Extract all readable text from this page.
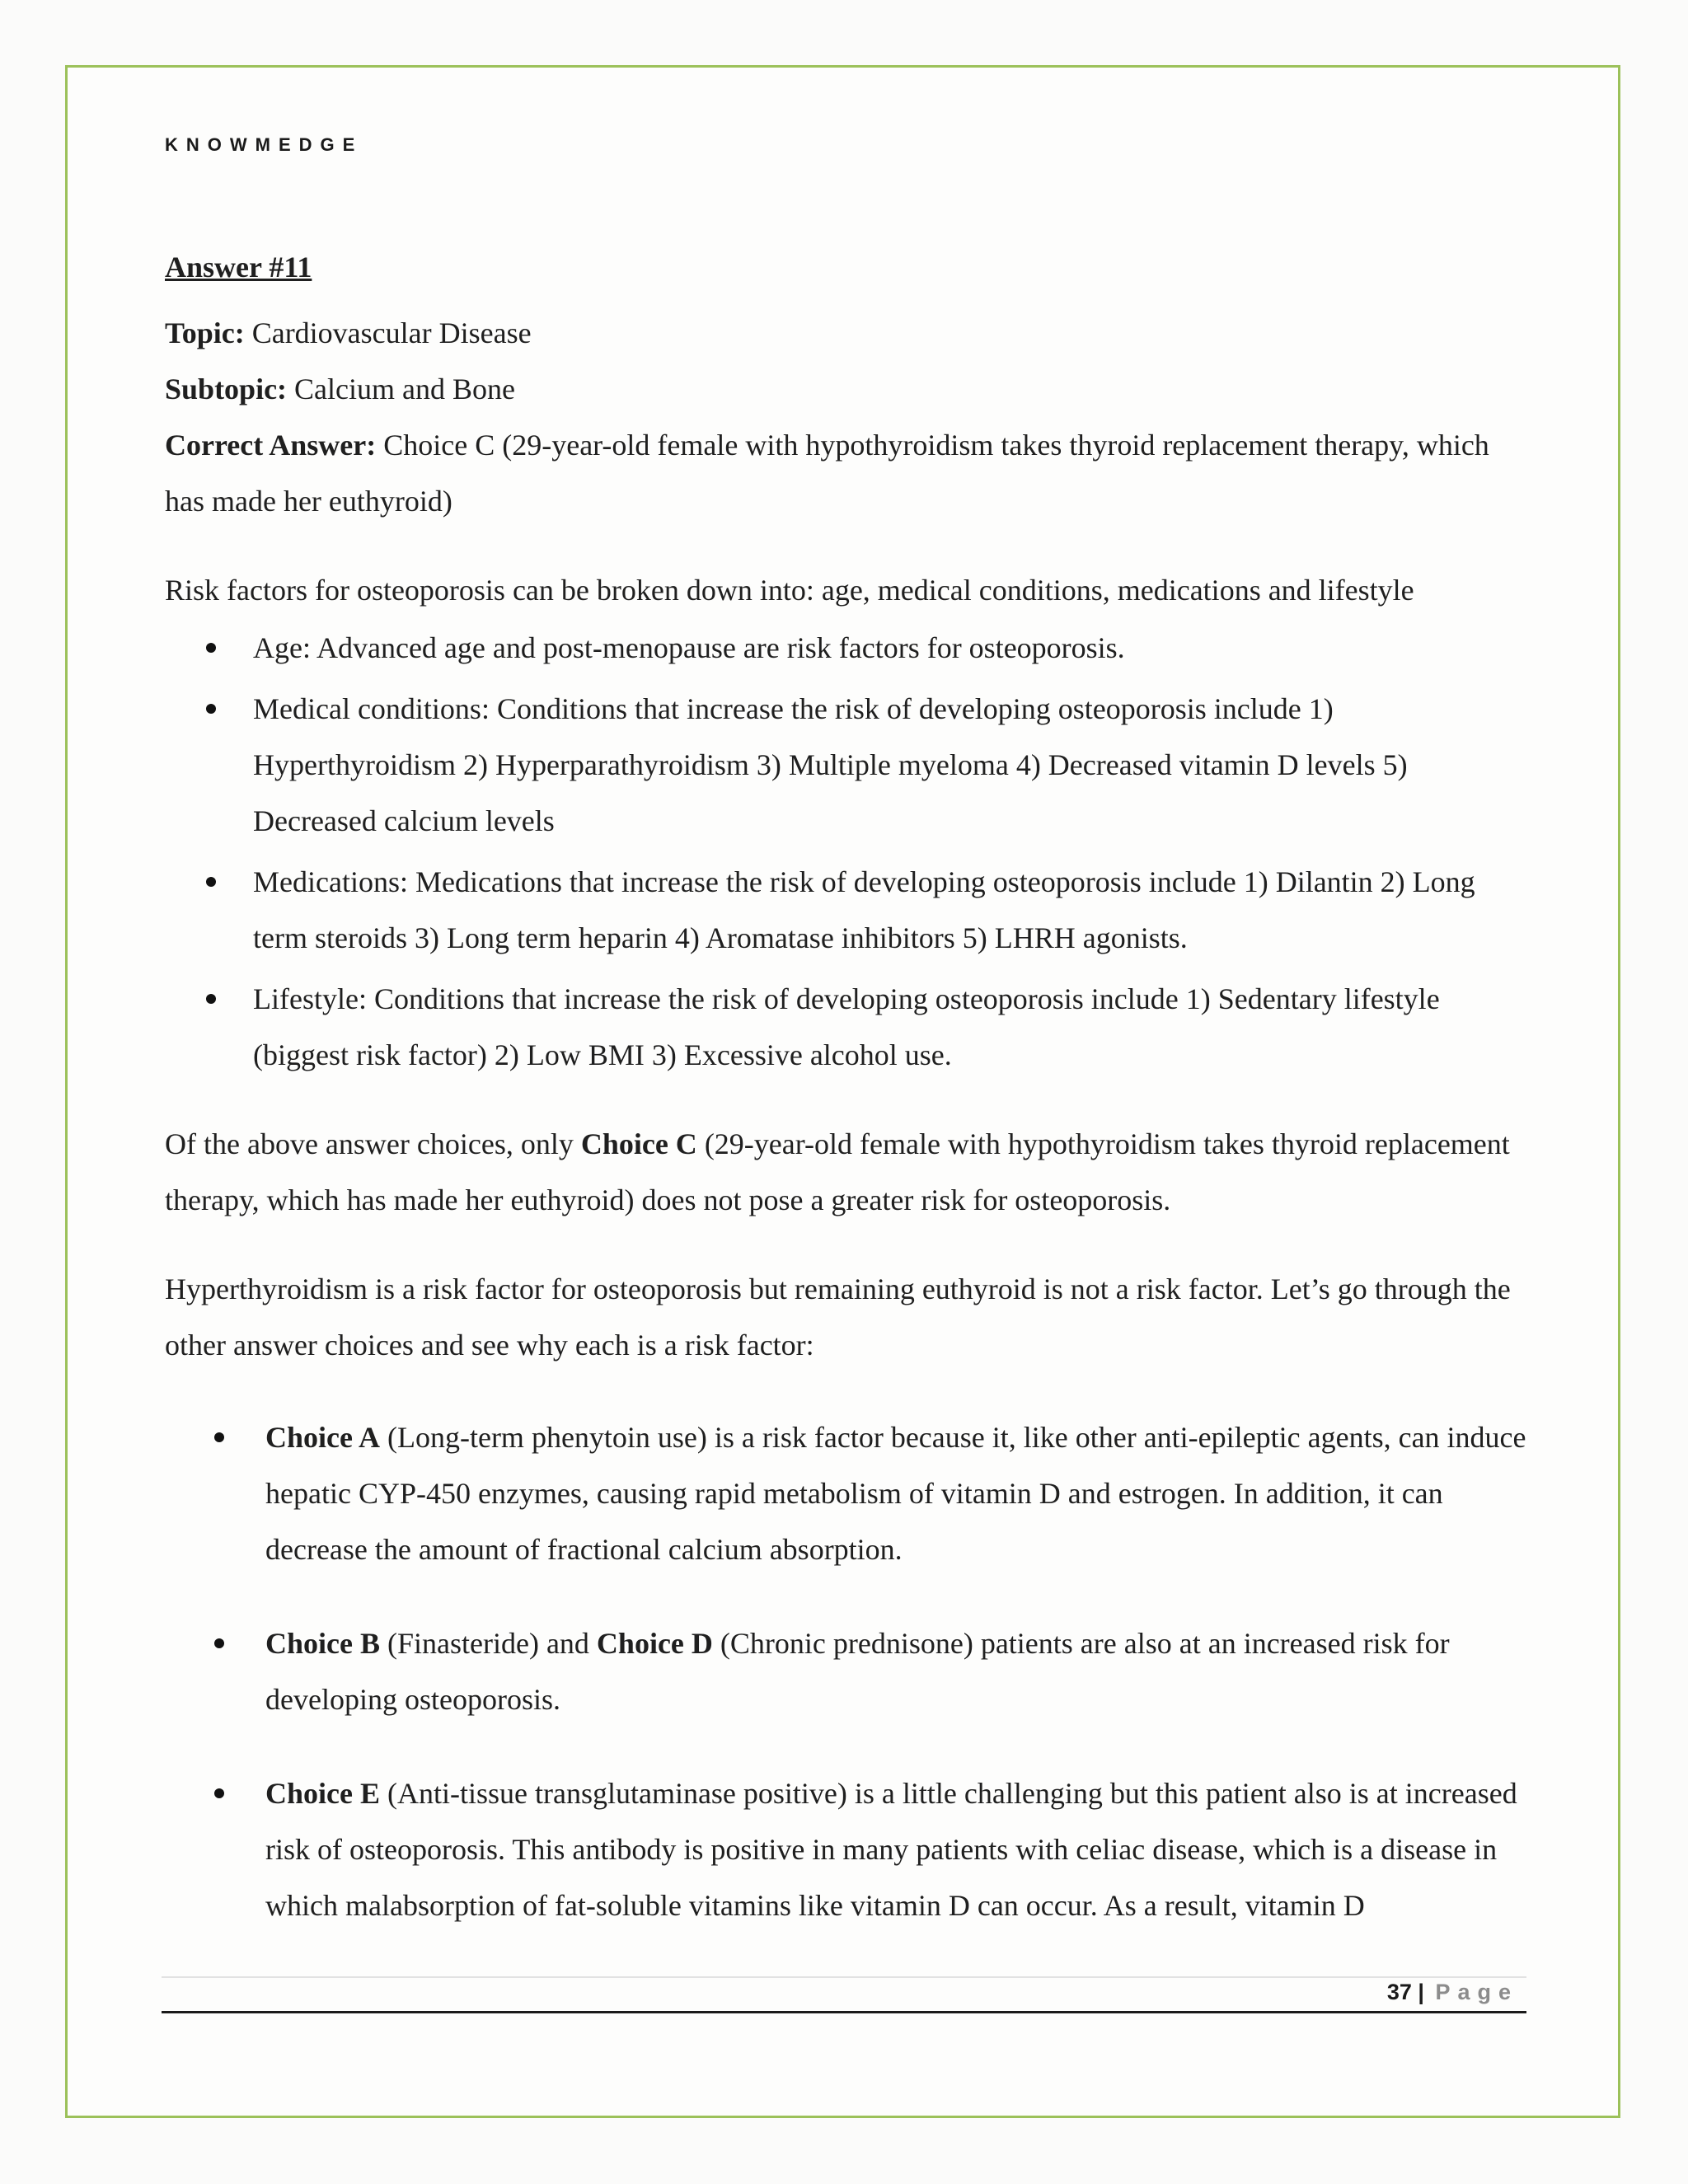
KNOWMEDGE

Answer #11

Topic: Cardiovascular Disease

Subtopic: Calcium and Bone

Correct Answer: Choice C (29-year-old female with hypothyroidism takes thyroid replacement therapy, which has made her euthyroid)

Risk factors for osteoporosis can be broken down into: age, medical conditions, medications and lifestyle

Age: Advanced age and post-menopause are risk factors for osteoporosis.
Medical conditions: Conditions that increase the risk of developing osteoporosis include 1) Hyperthyroidism 2) Hyperparathyroidism 3) Multiple myeloma 4) Decreased vitamin D levels 5) Decreased calcium levels
Medications: Medications that increase the risk of developing osteoporosis include 1) Dilantin 2) Long term steroids 3) Long term heparin 4) Aromatase inhibitors 5) LHRH agonists.
Lifestyle: Conditions that increase the risk of developing osteoporosis include 1) Sedentary lifestyle (biggest risk factor) 2) Low BMI 3) Excessive alcohol use.

Of the above answer choices, only Choice C (29-year-old female with hypothyroidism takes thyroid replacement therapy, which has made her euthyroid) does not pose a greater risk for osteoporosis.

Hyperthyroidism is a risk factor for osteoporosis but remaining euthyroid is not a risk factor. Let’s go through the other answer choices and see why each is a risk factor:

Choice A (Long-term phenytoin use) is a risk factor because it, like other anti-epileptic agents, can induce hepatic CYP-450 enzymes, causing rapid metabolism of vitamin D and estrogen. In addition, it can decrease the amount of fractional calcium absorption.
Choice B (Finasteride) and Choice D (Chronic prednisone) patients are also at an increased risk for developing osteoporosis.
Choice E (Anti-tissue transglutaminase positive) is a little challenging but this patient also is at increased risk of osteoporosis. This antibody is positive in many patients with celiac disease, which is a disease in which malabsorption of fat-soluble vitamins like vitamin D can occur. As a result, vitamin D
37 | Page
